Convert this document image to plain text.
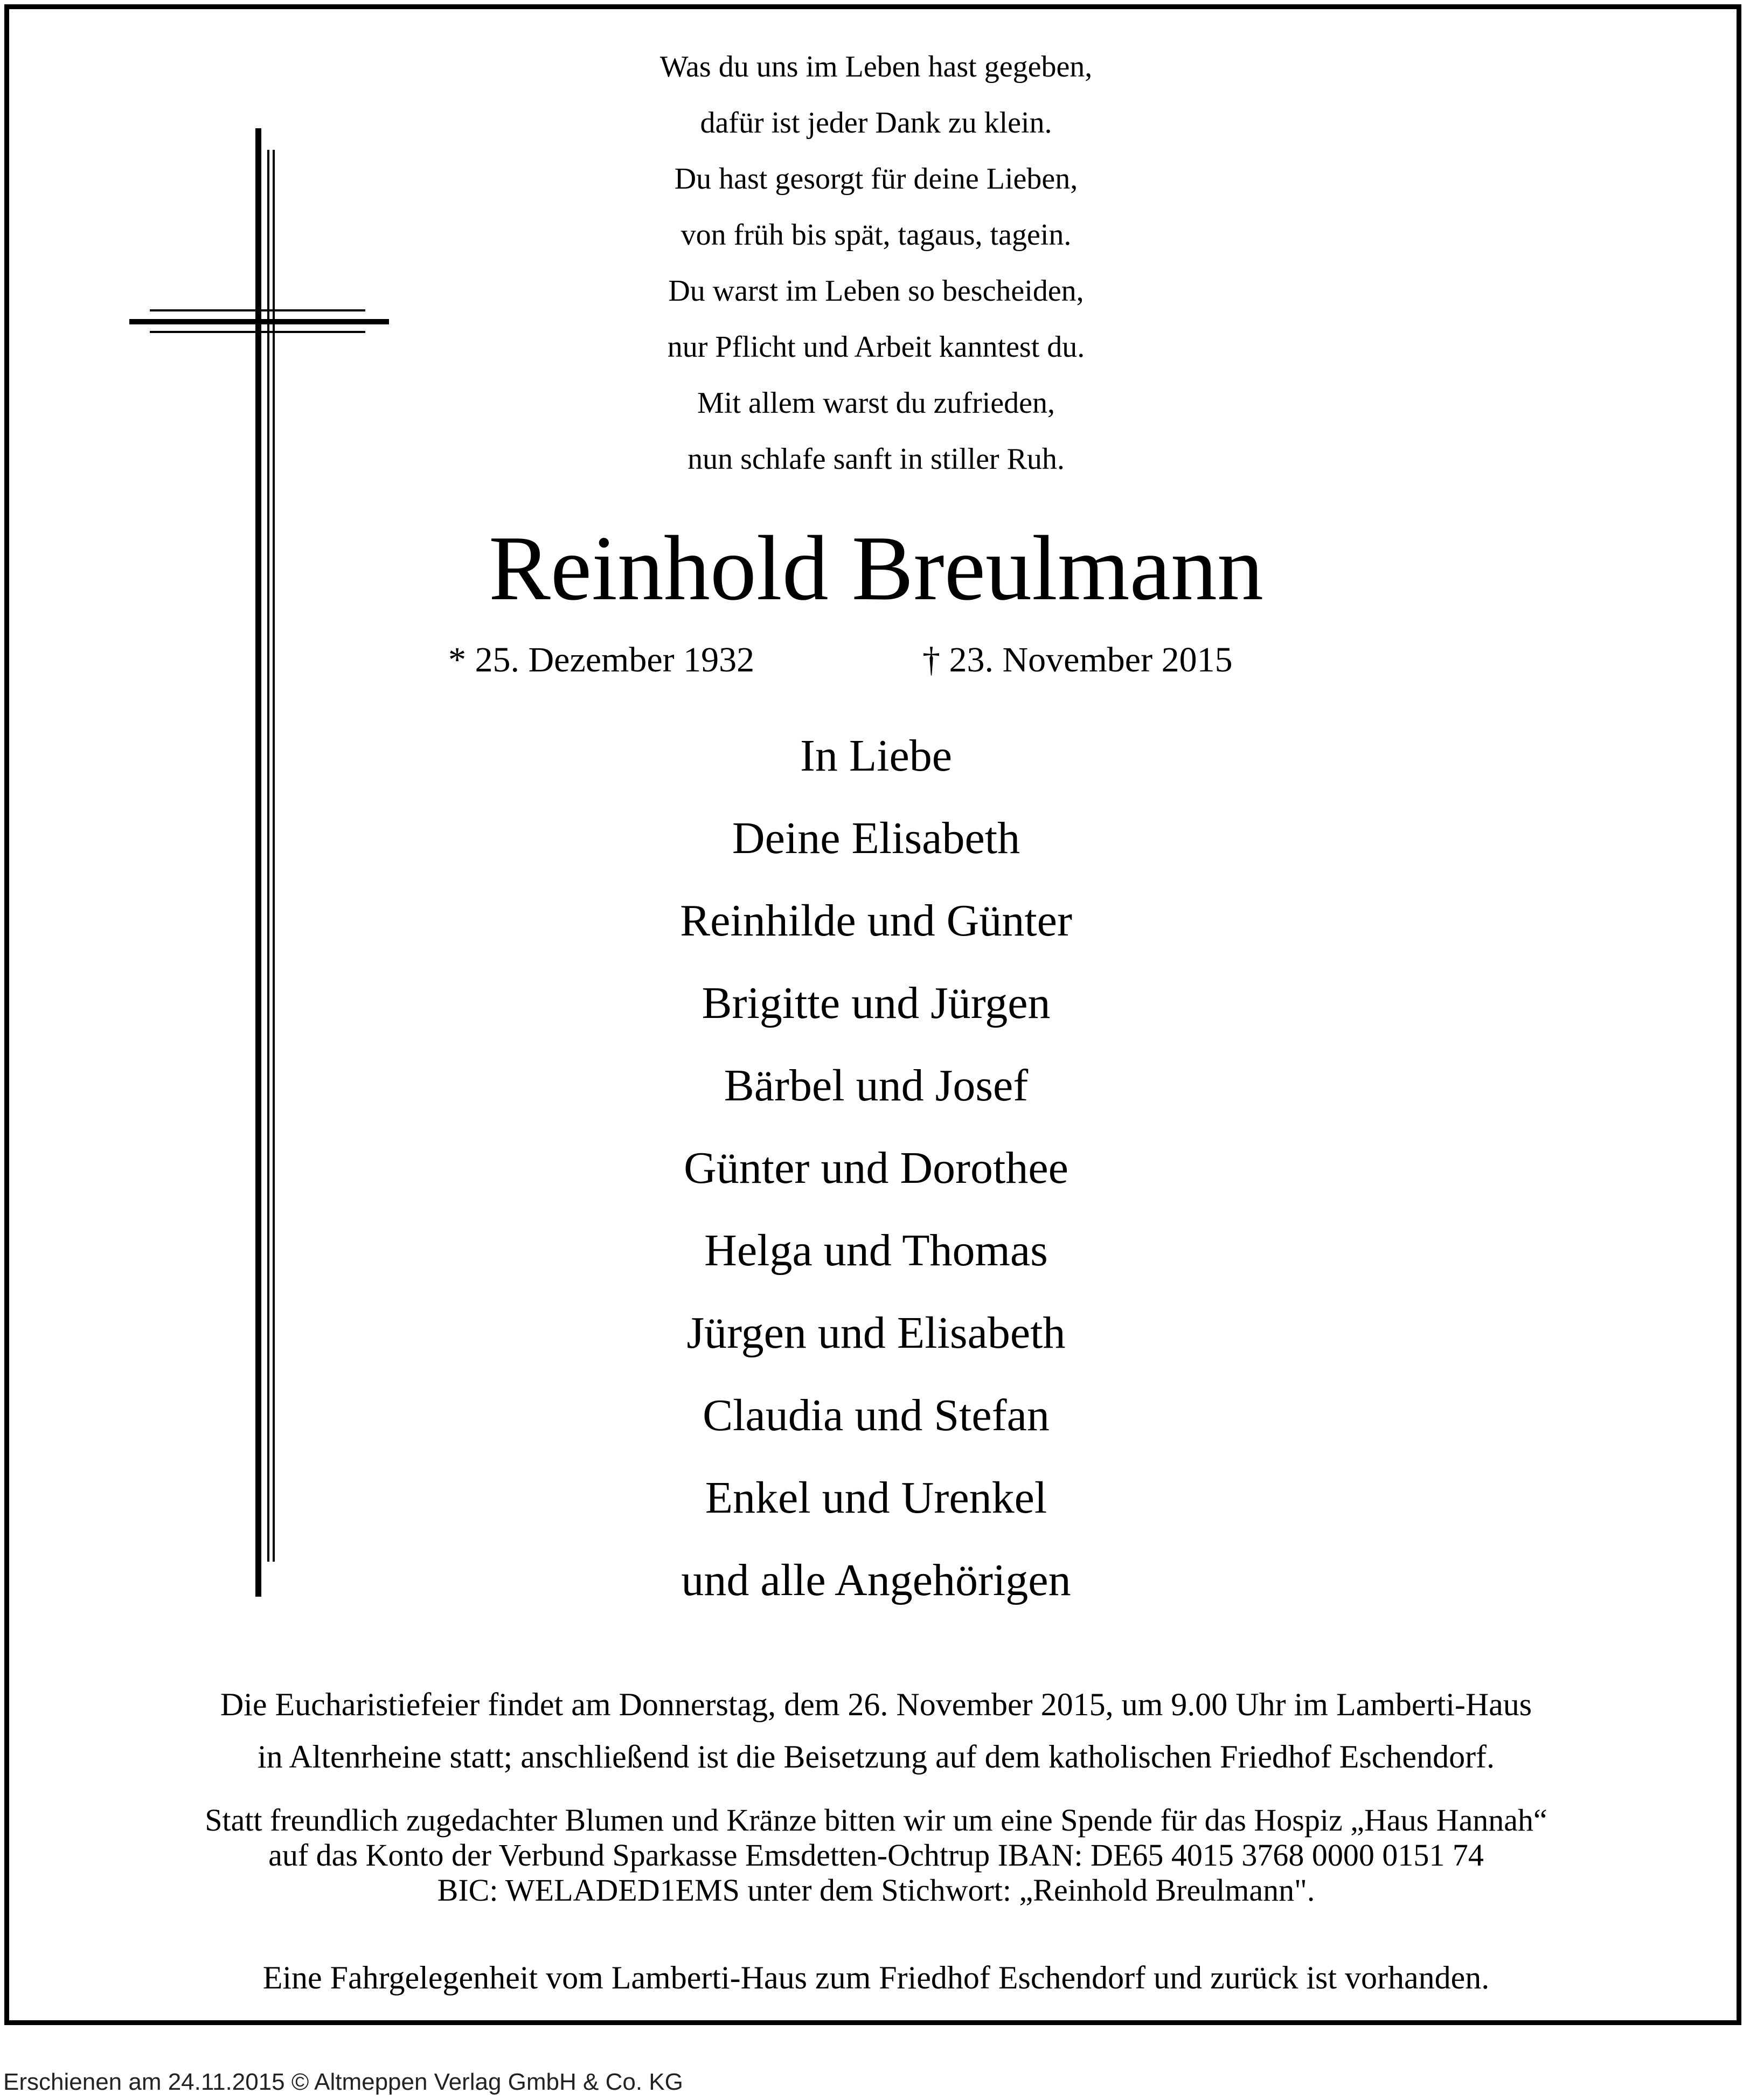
Was du uns im Leben hast gegeben,
dafür ist jeder Dank zu klein.
Du hast gesorgt für deine Lieben,
von früh bis spät, tagaus, tagein.
Du warst im Leben so bescheiden,
nur Pflicht und Arbeit kanntest du.
Mit allem warst du zufrieden,
nun schlafe sanft in stiller Ruh.
Reinhold Breulmann
* 25. Dezember 1932	† 23. November 2015
In Liebe
Deine Elisabeth
Reinhilde und Günter
Brigitte und Jürgen
Bärbel und Josef
Günter und Dorothee
Helga und Thomas
Jürgen und Elisabeth
Claudia und Stefan
Enkel und Urenkel
und alle Angehörigen
Die Eucharistiefeier findet am Donnerstag, dem 26. November 2015, um 9.00 Uhr im Lamberti-Haus
in Altenrheine statt; anschließend ist die Beisetzung auf dem katholischen Friedhof Eschendorf.
Statt freundlich zugedachter Blumen und Kränze bitten wir um eine Spende für das Hospiz „Haus Hannah“
auf das Konto der Verbund Sparkasse Emsdetten-Ochtrup IBAN: DE65 4015 3768 0000 0151 74
BIC: WELADED1EMS unter dem Stichwort: „Reinhold Breulmann".
Eine Fahrgelegenheit vom Lamberti-Haus zum Friedhof Eschendorf und zurück ist vorhanden.
Erschienen am 24.11.2015 © Altmeppen Verlag GmbH & Co. KG
